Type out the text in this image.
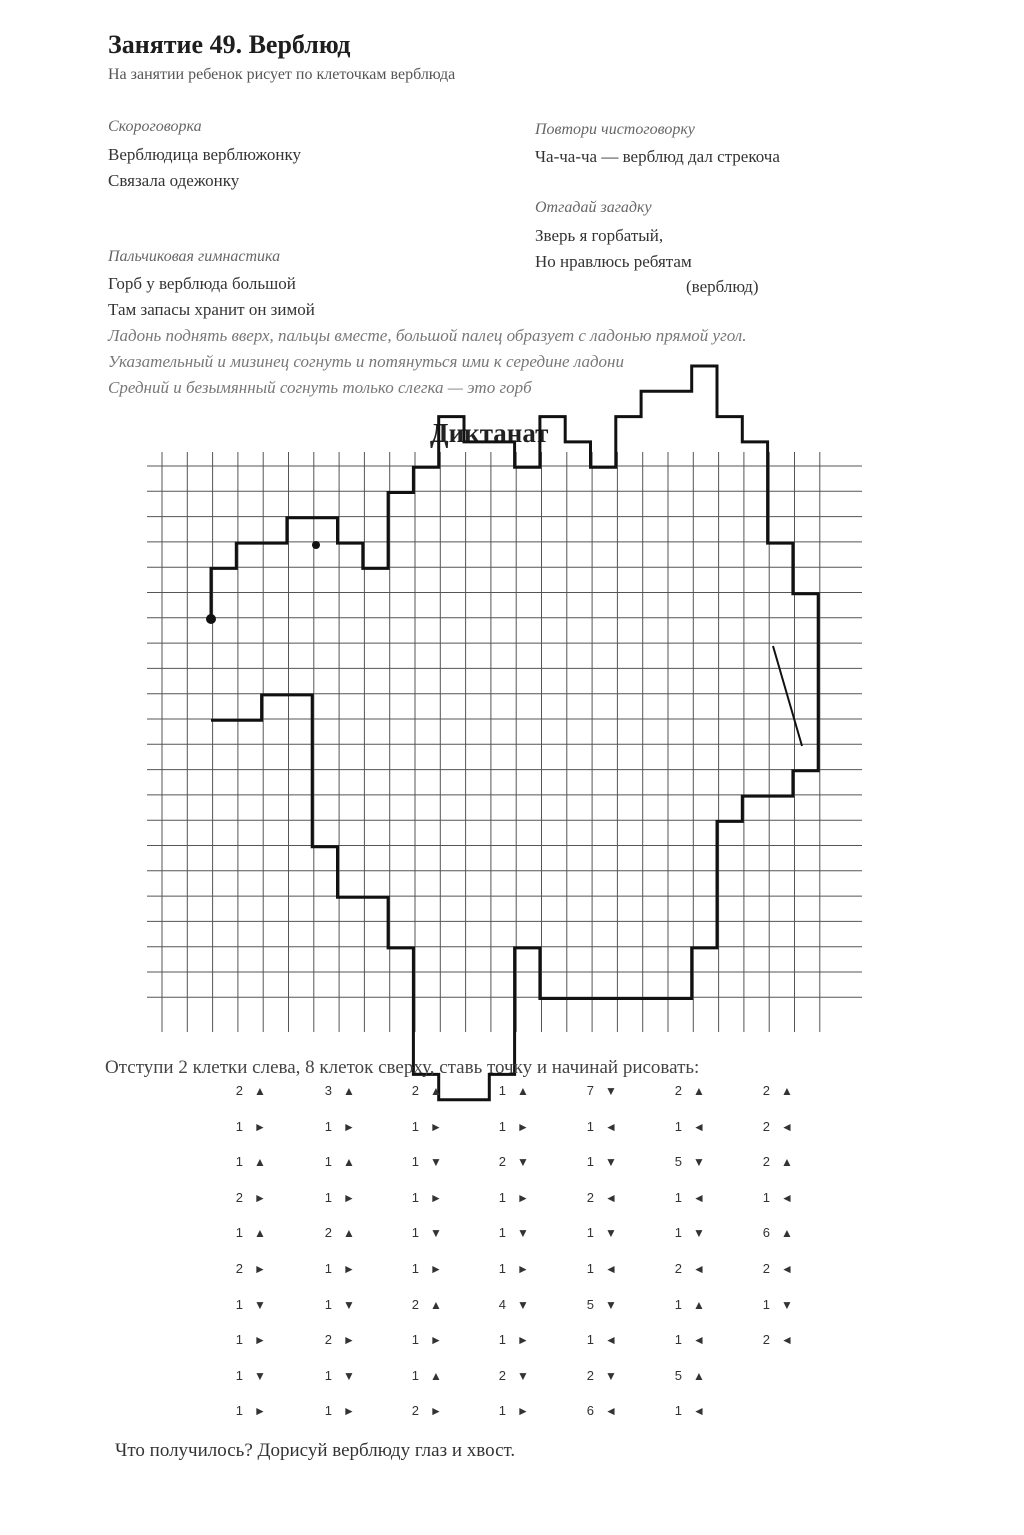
Занятие 49. Верблюд
На занятии ребенок рисует по клеточкам верблюда
Скороговорка
Верблюдица верблюжонку
Связала одежонку
Повтори чистоговорку
Ча-ча-ча — верблюд дал стрекоча
Отгадай загадку
Зверь я горбатый,
Но нравлюсь ребятам
(верблюд)
Пальчиковая гимнастика
Горб у верблюда большой
Там запасы хранит он зимой
Ладонь поднять вверх, пальцы вместе, большой палец образует с ладонью прямой угол.
Указательный и мизинец согнуть и потянуться ими к середине ладони
Средний и безымянный согнуть только слегка — это горб
Диктанат
Отступи 2 клетки слева, 8 клеток сверху, ставь точку и начинай рисовать:
2 ▲
1 ►
1 ▲
2 ►
1 ▲
2 ►
1 ▼
1 ►
1 ▼
1 ►
3 ▲
1 ►
1 ▲
1 ►
2 ▲
1 ►
1 ▼
2 ►
1 ▼
1 ►
2 ▲
1 ►
1 ▼
1 ►
1 ▼
1 ►
2 ▲
1 ►
1 ▲
2 ►
1 ▲
1 ►
2 ▼
1 ►
1 ▼
1 ►
4 ▼
1 ►
2 ▼
1 ►
7 ▼
1 ◄
1 ▼
2 ◄
1 ▼
1 ◄
5 ▼
1 ◄
2 ▼
6 ◄
2 ▲
1 ◄
5 ▼
1 ◄
1 ▼
2 ◄
1 ▲
1 ◄
5 ▲
1 ◄
2 ▲
2 ◄
2 ▲
1 ◄
6 ▲
2 ◄
1 ▼
2 ◄
Что получилось? Дорисуй верблюду глаз и хвост.
